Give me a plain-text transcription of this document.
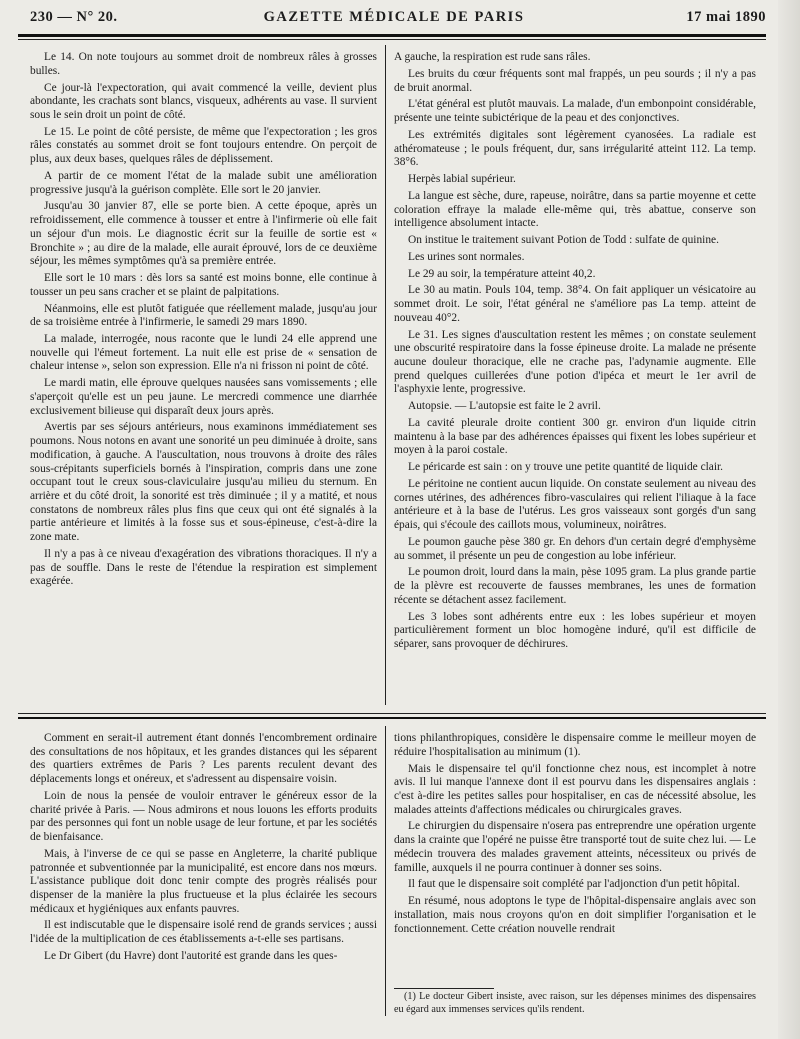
230 — N° 20.	GAZETTE MÉDICALE DE PARIS	17 mai 1890

Le 14. On note toujours au sommet droit de nombreux râles à grosses bulles.

Ce jour-là l'expectoration, qui avait commencé la veille, devient plus abondante, les crachats sont blancs, visqueux, adhérents au vase. Il survient sous le sein droit un point de côté.

Le 15. Le point de côté persiste, de même que l'expectoration ; les gros râles constatés au sommet droit se font toujours entendre. On perçoit de plus, aux deux bases, quelques râles de déplissement.

A partir de ce moment l'état de la malade subit une amélioration progressive jusqu'à la guérison complète. Elle sort le 20 janvier.

Jusqu'au 30 janvier 87, elle se porte bien. A cette époque, après un refroidissement, elle commence à tousser et entre à l'infirmerie où elle fait un séjour d'un mois. Le diagnostic écrit sur la feuille de sortie est « Bronchite » ; au dire de la malade, elle aurait éprouvé, lors de ce deuxième séjour, les mêmes symptômes qu'à sa première entrée.

Elle sort le 10 mars : dès lors sa santé est moins bonne, elle continue à tousser un peu sans cracher et se plaint de palpitations.

Néanmoins, elle est plutôt fatiguée que réellement malade, jusqu'au jour de sa troisième entrée à l'infirmerie, le samedi 29 mars 1890.

La malade, interrogée, nous raconte que le lundi 24 elle apprend une nouvelle qui l'émeut fortement. La nuit elle est prise de « sensation de chaleur intense », selon son expression. Elle n'a ni frisson ni point de côté.

Le mardi matin, elle éprouve quelques nausées sans vomissements ; elle s'aperçoit qu'elle est un peu jaune. Le mercredi commence une diarrhée exclusivement bilieuse qui disparaît deux jours après.

Avertis par ses séjours antérieurs, nous examinons immédiatement ses poumons. Nous notons en avant une sonorité un peu diminuée à droite, sans modification, à gauche. A l'auscultation, nous trouvons à droite des râles sous-crépitants superficiels bornés à l'inspiration, compris dans une zone occupant tout le creux sous-claviculaire jusqu'au milieu du sternum. En arrière et du côté droit, la sonorité est très diminuée ; il y a matité, et nous constatons de nombreux râles plus fins que ceux qui ont été signalés à la partie antérieure et limités à la fosse sus et sous-épineuse, c'est-à-dire la zone mate.

Il n'y a pas à ce niveau d'exagération des vibrations thoraciques. Il n'y a pas de souffle. Dans le reste de l'étendue la respiration est simplement exagérée.

A gauche, la respiration est rude sans râles.

Les bruits du cœur fréquents sont mal frappés, un peu sourds ; il n'y a pas de bruit anormal.

L'état général est plutôt mauvais. La malade, d'un embonpoint considérable, présente une teinte subictérique de la peau et des conjonctives.

Les extrémités digitales sont légèrement cyanosées. La radiale est athéromateuse ; le pouls fréquent, dur, sans irrégularité atteint 112. La temp. 38°6.

Herpès labial supérieur.

La langue est sèche, dure, rapeuse, noirâtre, dans sa partie moyenne et cette coloration effraye la malade elle-même qui, très abattue, conserve son intelligence absolument intacte.

On institue le traitement suivant Potion de Todd : sulfate de quinine.

Les urines sont normales.

Le 29 au soir, la température atteint 40,2.

Le 30 au matin. Pouls 104, temp. 38°4. On fait appliquer un vésicatoire au sommet droit. Le soir, l'état général ne s'améliore pas La temp. atteint de nouveau 40°2.

Le 31. Les signes d'auscultation restent les mêmes ; on constate seulement une obscurité respiratoire dans la fosse épineuse droite. La malade ne présente aucune douleur thoracique, elle ne crache pas, l'adynamie augmente. Elle prend quelques cuillerées d'une potion d'ipéca et meurt le 1er avril de l'asphyxie lente, progressive.

Autopsie. — L'autopsie est faite le 2 avril.

La cavité pleurale droite contient 300 gr. environ d'un liquide citrin maintenu à la base par des adhérences épaisses qui fixent les lobes supérieur et moyen à la paroi costale.

Le péricarde est sain : on y trouve une petite quantité de liquide clair.

Le péritoine ne contient aucun liquide. On constate seulement au niveau des cornes utérines, des adhérences fibro-vasculaires qui relient l'iliaque à la face antérieure et à la base de l'utérus. Les gros vaisseaux sont gorgés d'un sang épais, qui s'écoule des caillots mous, volumineux, noirâtres.

Le poumon gauche pèse 380 gr. En dehors d'un certain degré d'emphysème au sommet, il présente un peu de congestion au lobe inférieur.

Le poumon droit, lourd dans la main, pèse 1095 gram. La plus grande partie de la plèvre est recouverte de fausses membranes, les unes de formation récente se détachent assez facilement.

Les 3 lobes sont adhérents entre eux : les lobes supérieur et moyen particulièrement forment un bloc homogène induré, qu'il est difficile de séparer, sans provoquer de déchirures.

Comment en serait-il autrement étant donnés l'encombrement ordinaire des consultations de nos hôpitaux, et les grandes distances qui les séparent des quartiers extrêmes de Paris ? Les parents reculent devant des déplacements longs et onéreux, et s'adressent au dispensaire voisin.

Loin de nous la pensée de vouloir entraver le généreux essor de la charité privée à Paris. — Nous admirons et nous louons les efforts produits par des personnes qui font un noble usage de leur fortune, et par les sociétés de bienfaisance.

Mais, à l'inverse de ce qui se passe en Angleterre, la charité publique patronnée et subventionnée par la municipalité, est encore dans nos mœurs. L'assistance publique doit donc tenir compte des progrès réalisés pour dispenser de la manière la plus fructueuse et la plus éclairée les secours médicaux et hygiéniques aux enfants pauvres.

Il est indiscutable que le dispensaire isolé rend de grands services ; aussi l'idée de la multiplication de ces établissements a-t-elle ses partisans.

Le Dr Gibert (du Havre) dont l'autorité est grande dans les ques-

tions philanthropiques, considère le dispensaire comme le meilleur moyen de réduire l'hospitalisation au minimum (1).

Mais le dispensaire tel qu'il fonctionne chez nous, est incomplet à notre avis. Il lui manque l'annexe dont il est pourvu dans les dispensaires anglais : c'est à-dire les petites salles pour hospitaliser, en cas de nécessité absolue, les malades atteints d'affections médicales ou chirurgicales graves.

Le chirurgien du dispensaire n'osera pas entreprendre une opération urgente dans la crainte que l'opéré ne puisse être transporté tout de suite chez lui. — Le médecin trouvera des malades gravement atteints, nécessiteux ou privés de famille, auxquels il ne pourra continuer à donner ses soins.

Il faut que le dispensaire soit complété par l'adjonction d'un petit hôpital.

En résumé, nous adoptons le type de l'hôpital-dispensaire anglais avec son installation, mais nous croyons qu'on en doit simplifier l'organisation et le fonctionnement. Cette création nouvelle rendrait

(1) Le docteur Gibert insiste, avec raison, sur les dépenses minimes des dispensaires eu égard aux immenses services qu'ils rendent.
